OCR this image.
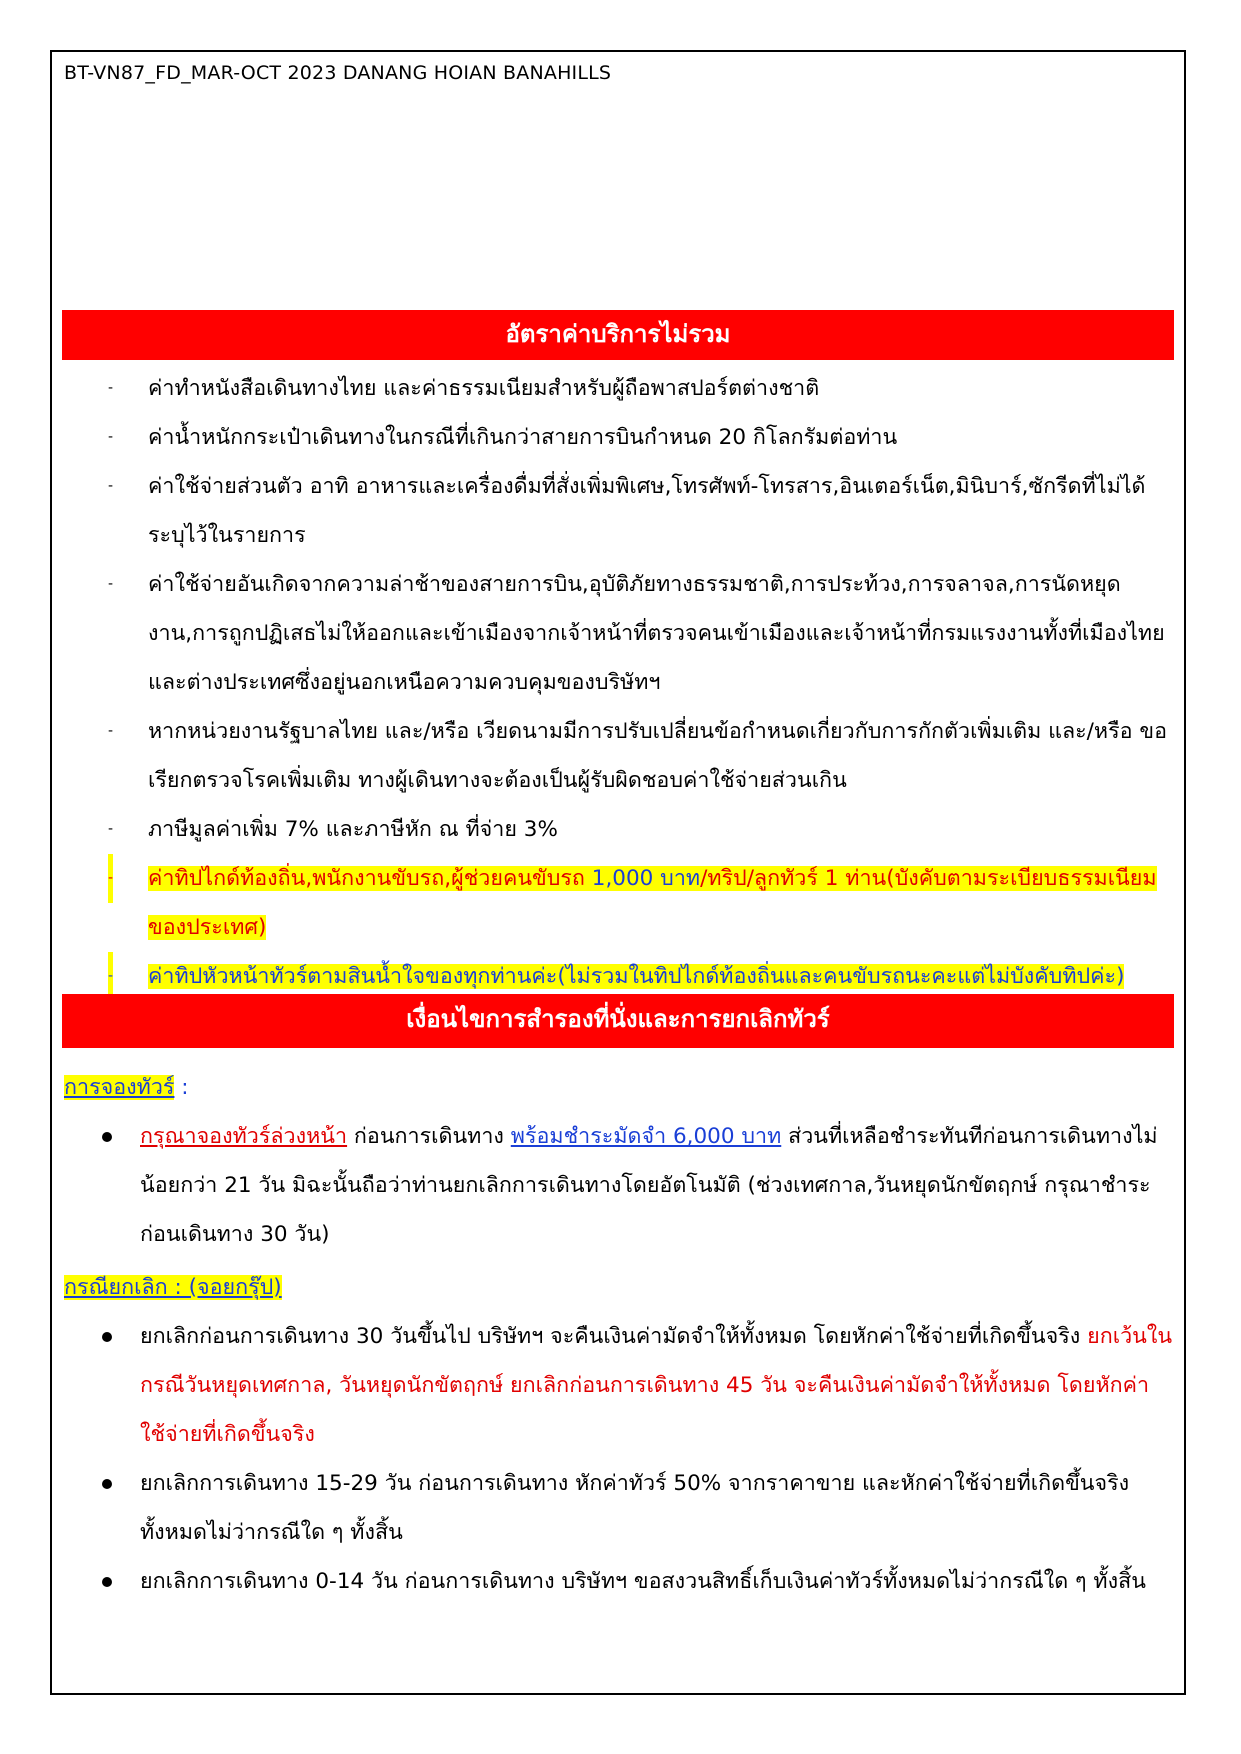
BT-VN87_FD_MAR-OCT 2023 DANANG HOIAN BANAHILLS
อัตราค่าบริการไม่รวม
- ค่าทำหนังสือเดินทางไทย และค่าธรรมเนียมสำหรับผู้ถือพาสปอร์ตต่างชาติ
- ค่าน้ำหนักกระเป๋าเดินทางในกรณีที่เกินกว่าสายการบินกำหนด 20 กิโลกรัมต่อท่าน
- ค่าใช้จ่ายส่วนตัว อาทิ อาหารและเครื่องดื่มที่สั่งเพิ่มพิเศษ,โทรศัพท์-โทรสาร,อินเตอร์เน็ต,มินิบาร์,ซักรีดที่ไม่ได้ระบุไว้ในรายการ
- ค่าใช้จ่ายอันเกิดจากความล่าช้าของสายการบิน,อุบัติภัยทางธรรมชาติ,การประท้วง,การจลาจล,การนัดหยุดงาน,การถูกปฏิเสธไม่ให้ออกและเข้าเมืองจากเจ้าหน้าที่ตรวจคนเข้าเมืองและเจ้าหน้าที่กรมแรงงานทั้งที่เมืองไทยและต่างประเทศซึ่งอยู่นอกเหนือความควบคุมของบริษัทฯ
- หากหน่วยงานรัฐบาลไทย และ/หรือ เวียดนามมีการปรับเปลี่ยนข้อกำหนดเกี่ยวกับการกักตัวเพิ่มเติม และ/หรือ ขอเรียกตรวจโรคเพิ่มเติม ทางผู้เดินทางจะต้องเป็นผู้รับผิดชอบค่าใช้จ่ายส่วนเกิน
- ภาษีมูลค่าเพิ่ม 7% และภาษีหัก ณ ที่จ่าย 3%
- ค่าทิปไกด์ท้องถิ่น,พนักงานขับรถ,ผู้ช่วยคนขับรถ 1,000 บาท/ทริป/ลูกทัวร์ 1 ท่าน(บังคับตามระเบียบธรรมเนียมของประเทศ)
- ค่าทิปหัวหน้าทัวร์ตามสินน้ำใจของทุกท่านค่ะ(ไม่รวมในทิปไกด์ท้องถิ่นและคนขับรถนะคะแต่ไม่บังคับทิปค่ะ)
เงื่อนไขการสำรองที่นั่งและการยกเลิกทัวร์
การจองทัวร์ :
กรุณาจองทัวร์ล่วงหน้า ก่อนการเดินทาง พร้อมชำระมัดจำ 6,000 บาท ส่วนที่เหลือชำระทันทีก่อนการเดินทางไม่น้อยกว่า 21 วัน มิฉะนั้นถือว่าท่านยกเลิกการเดินทางโดยอัตโนมัติ (ช่วงเทศกาล,วันหยุดนักขัตฤกษ์ กรุณาชำระก่อนเดินทาง 30 วัน)
กรณียกเลิก : (จอยกรุ๊ป)
ยกเลิกก่อนการเดินทาง 30 วันขึ้นไป บริษัทฯ จะคืนเงินค่ามัดจำให้ทั้งหมด โดยหักค่าใช้จ่ายที่เกิดขึ้นจริง ยกเว้นในกรณีวันหยุดเทศกาล, วันหยุดนักขัตฤกษ์ ยกเลิกก่อนการเดินทาง 45 วัน จะคืนเงินค่ามัดจำให้ทั้งหมด โดยหักค่าใช้จ่ายที่เกิดขึ้นจริง
ยกเลิกการเดินทาง 15-29 วัน ก่อนการเดินทาง หักค่าทัวร์ 50% จากราคาขาย และหักค่าใช้จ่ายที่เกิดขึ้นจริงทั้งหมดไม่ว่ากรณีใด ๆ ทั้งสิ้น
ยกเลิกการเดินทาง 0-14 วัน ก่อนการเดินทาง บริษัทฯ ขอสงวนสิทธิ์เก็บเงินค่าทัวร์ทั้งหมดไม่ว่ากรณีใด ๆ ทั้งสิ้น
